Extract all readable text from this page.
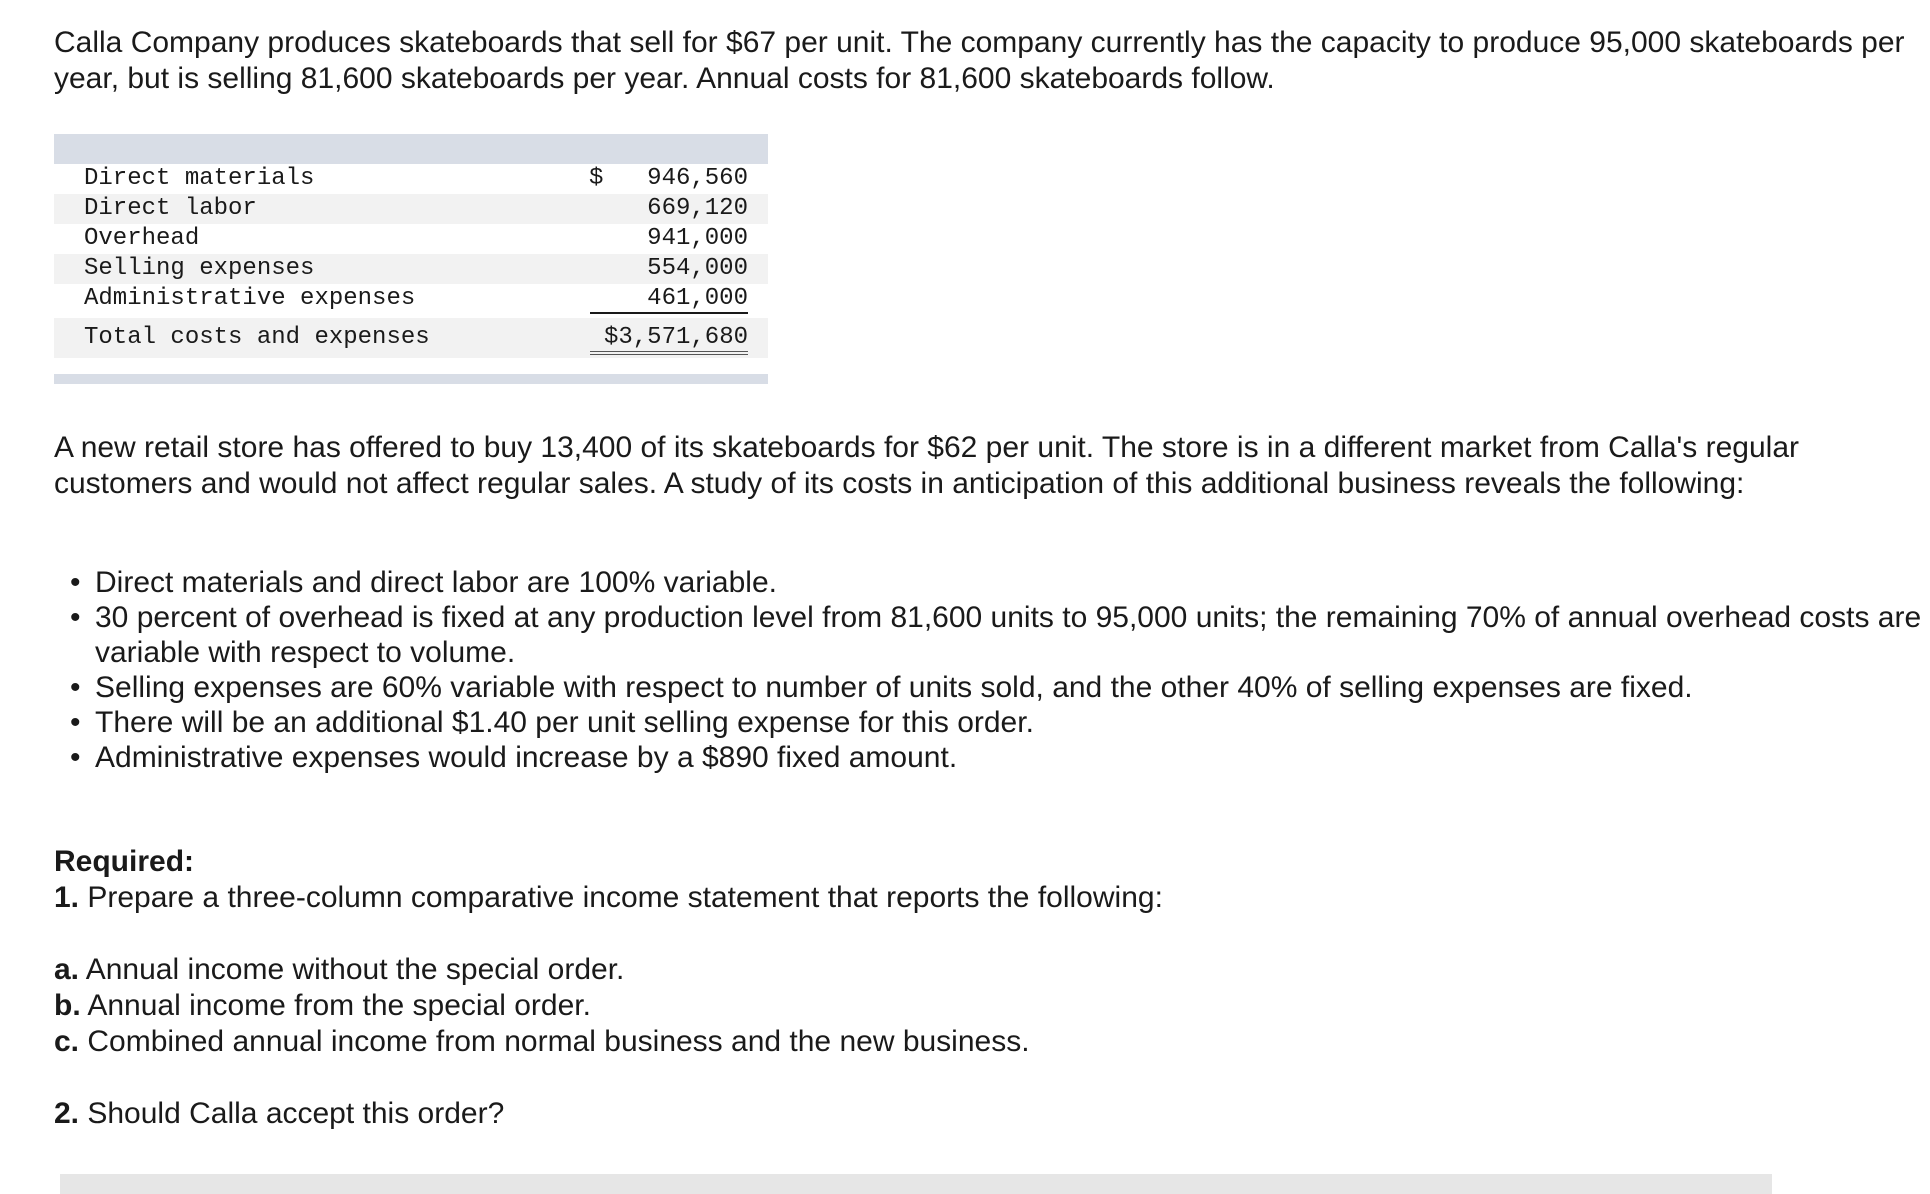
Calla Company produces skateboards that sell for $67 per unit. The company currently has the capacity to produce 95,000 skateboards per year, but is selling 81,600 skateboards per year. Annual costs for 81,600 skateboards follow.

Direct materials	$ 946,560
Direct labor	669,120
Overhead	941,000
Selling expenses	554,000
Administrative expenses	461,000
Total costs and expenses	$3,571,680

A new retail store has offered to buy 13,400 of its skateboards for $62 per unit. The store is in a different market from Calla's regular customers and would not affect regular sales. A study of its costs in anticipation of this additional business reveals the following:

• Direct materials and direct labor are 100% variable.
• 30 percent of overhead is fixed at any production level from 81,600 units to 95,000 units; the remaining 70% of annual overhead costs are variable with respect to volume.
• Selling expenses are 60% variable with respect to number of units sold, and the other 40% of selling expenses are fixed.
• There will be an additional $1.40 per unit selling expense for this order.
• Administrative expenses would increase by a $890 fixed amount.

Required:

1. Prepare a three-column comparative income statement that reports the following:

a. Annual income without the special order.

b. Annual income from the special order.

c. Combined annual income from normal business and the new business.

2. Should Calla accept this order?
